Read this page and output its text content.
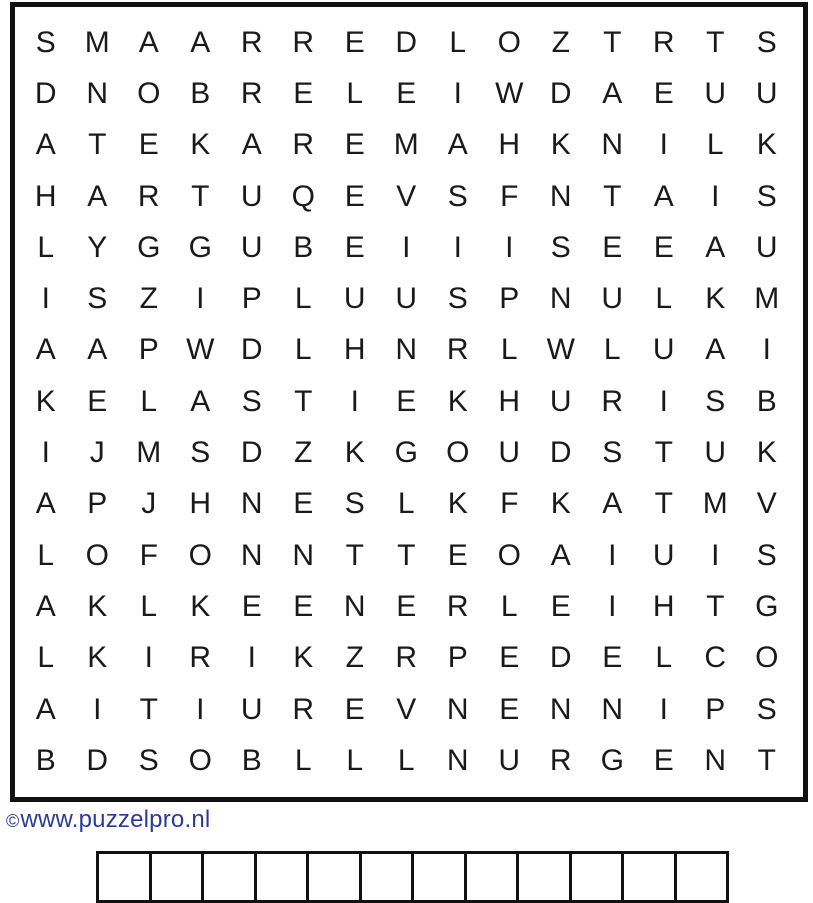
S M A	A	R R	E	D	L	O	Z	T	R	T	S
D N O B	R	E	L	E	I	W D	A	E	U U
A	T	E	K	A	R	E M A	H	K	N	I	L	K
H	A	R	T	U Q E	V	S	F	N	T	A	I	S
L	Y G G U	B	E	I	I	I	S	E	E	A	U
I	S	Z	I	P	L	U U	S	P	N U	L	K M
A	A	P W D	L	H N R	L W L	U	A	I
K	E	L	A	S	T	I	E	K	H U R	I	S	B
I	J	M S	D	Z	K G O U D	S	T	U	K
A	P	J	H N	E	S	L	K	F	K	A	T M V
L	O	F	O N N	T	T	E O A	I	U	I	S
A	K	L	K	E	E	N	E	R	L	E	I	H	T	G
L	K	I	R	I	K	Z	R	P	E	D	E	L	C O
A	I	T	I	U R	E	V	N	E	N N	I	P	S
B	D	S O B	L	L	L	N U R G E	N	T
©www.puzzelpro.nl
